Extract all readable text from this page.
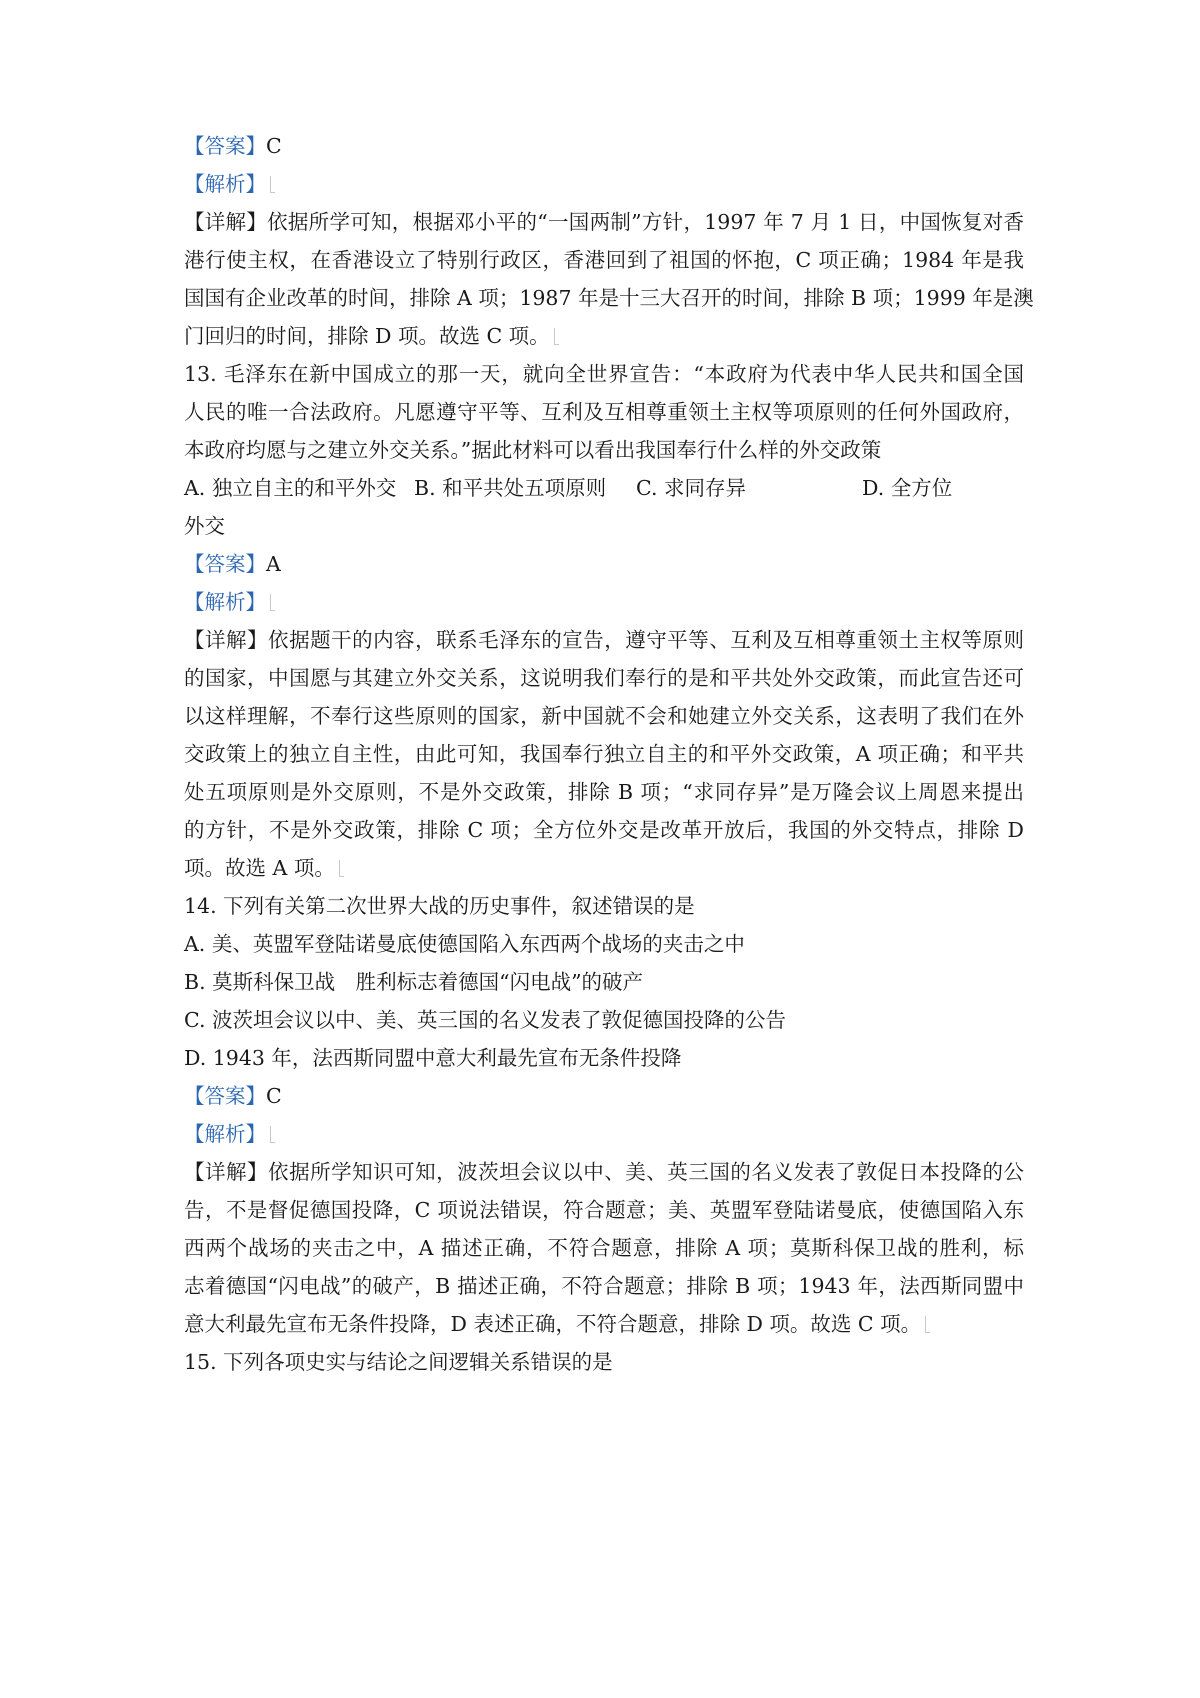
【答案】C
【解析】
【详解】依据所学可知，根据邓小平的“一国两制”方针，1997 年 7 月 1 日，中国恢复对香
港行使主权，在香港设立了特别行政区，香港回到了祖国的怀抱，C 项正确；1984 年是我
国国有企业改革的时间，排除 A 项；1987 年是十三大召开的时间，排除 B 项；1999 年是澳
门回归的时间，排除 D 项。故选 C 项。
13. 毛泽东在新中国成立的那一天，就向全世界宣告：“本政府为代表中华人民共和国全国
人民的唯一合法政府。凡愿遵守平等、互利及互相尊重领土主权等项原则的任何外国政府，
本政府均愿与之建立外交关系。”据此材料可以看出我国奉行什么样的外交政策
A. 独立自主的和平外交 B. 和平共处五项原则 C. 求同存异	D. 全方位
外交
【答案】A
【解析】
【详解】依据题干的内容，联系毛泽东的宣告，遵守平等、互利及互相尊重领土主权等原则
的国家，中国愿与其建立外交关系，这说明我们奉行的是和平共处外交政策，而此宣告还可
以这样理解，不奉行这些原则的国家，新中国就不会和她建立外交关系，这表明了我们在外
交政策上的独立自主性，由此可知，我国奉行独立自主的和平外交政策，A 项正确；和平共
处五项原则是外交原则，不是外交政策，排除 B 项；“求同存异”是万隆会议上周恩来提出
的方针，不是外交政策，排除 C 项；全方位外交是改革开放后，我国的外交特点，排除 D
项。故选 A 项。
14. 下列有关第二次世界大战的历史事件，叙述错误的是
A. 美、英盟军登陆诺曼底使德国陷入东西两个战场的夹击之中
B. 莫斯科保卫战　胜利标志着德国“闪电战”的破产
C. 波茨坦会议以中、美、英三国的名义发表了敦促德国投降的公告
D. 1943 年，法西斯同盟中意大利最先宣布无条件投降
【答案】C
【解析】
【详解】依据所学知识可知，波茨坦会议以中、美、英三国的名义发表了敦促日本投降的公
告，不是督促德国投降，C 项说法错误，符合题意；美、英盟军登陆诺曼底，使德国陷入东
西两个战场的夹击之中，A 描述正确，不符合题意，排除 A 项；莫斯科保卫战的胜利，标
志着德国“闪电战”的破产，B 描述正确，不符合题意；排除 B 项；1943 年，法西斯同盟中
意大利最先宣布无条件投降，D 表述正确，不符合题意，排除 D 项。故选 C 项。
15. 下列各项史实与结论之间逻辑关系错误的是
